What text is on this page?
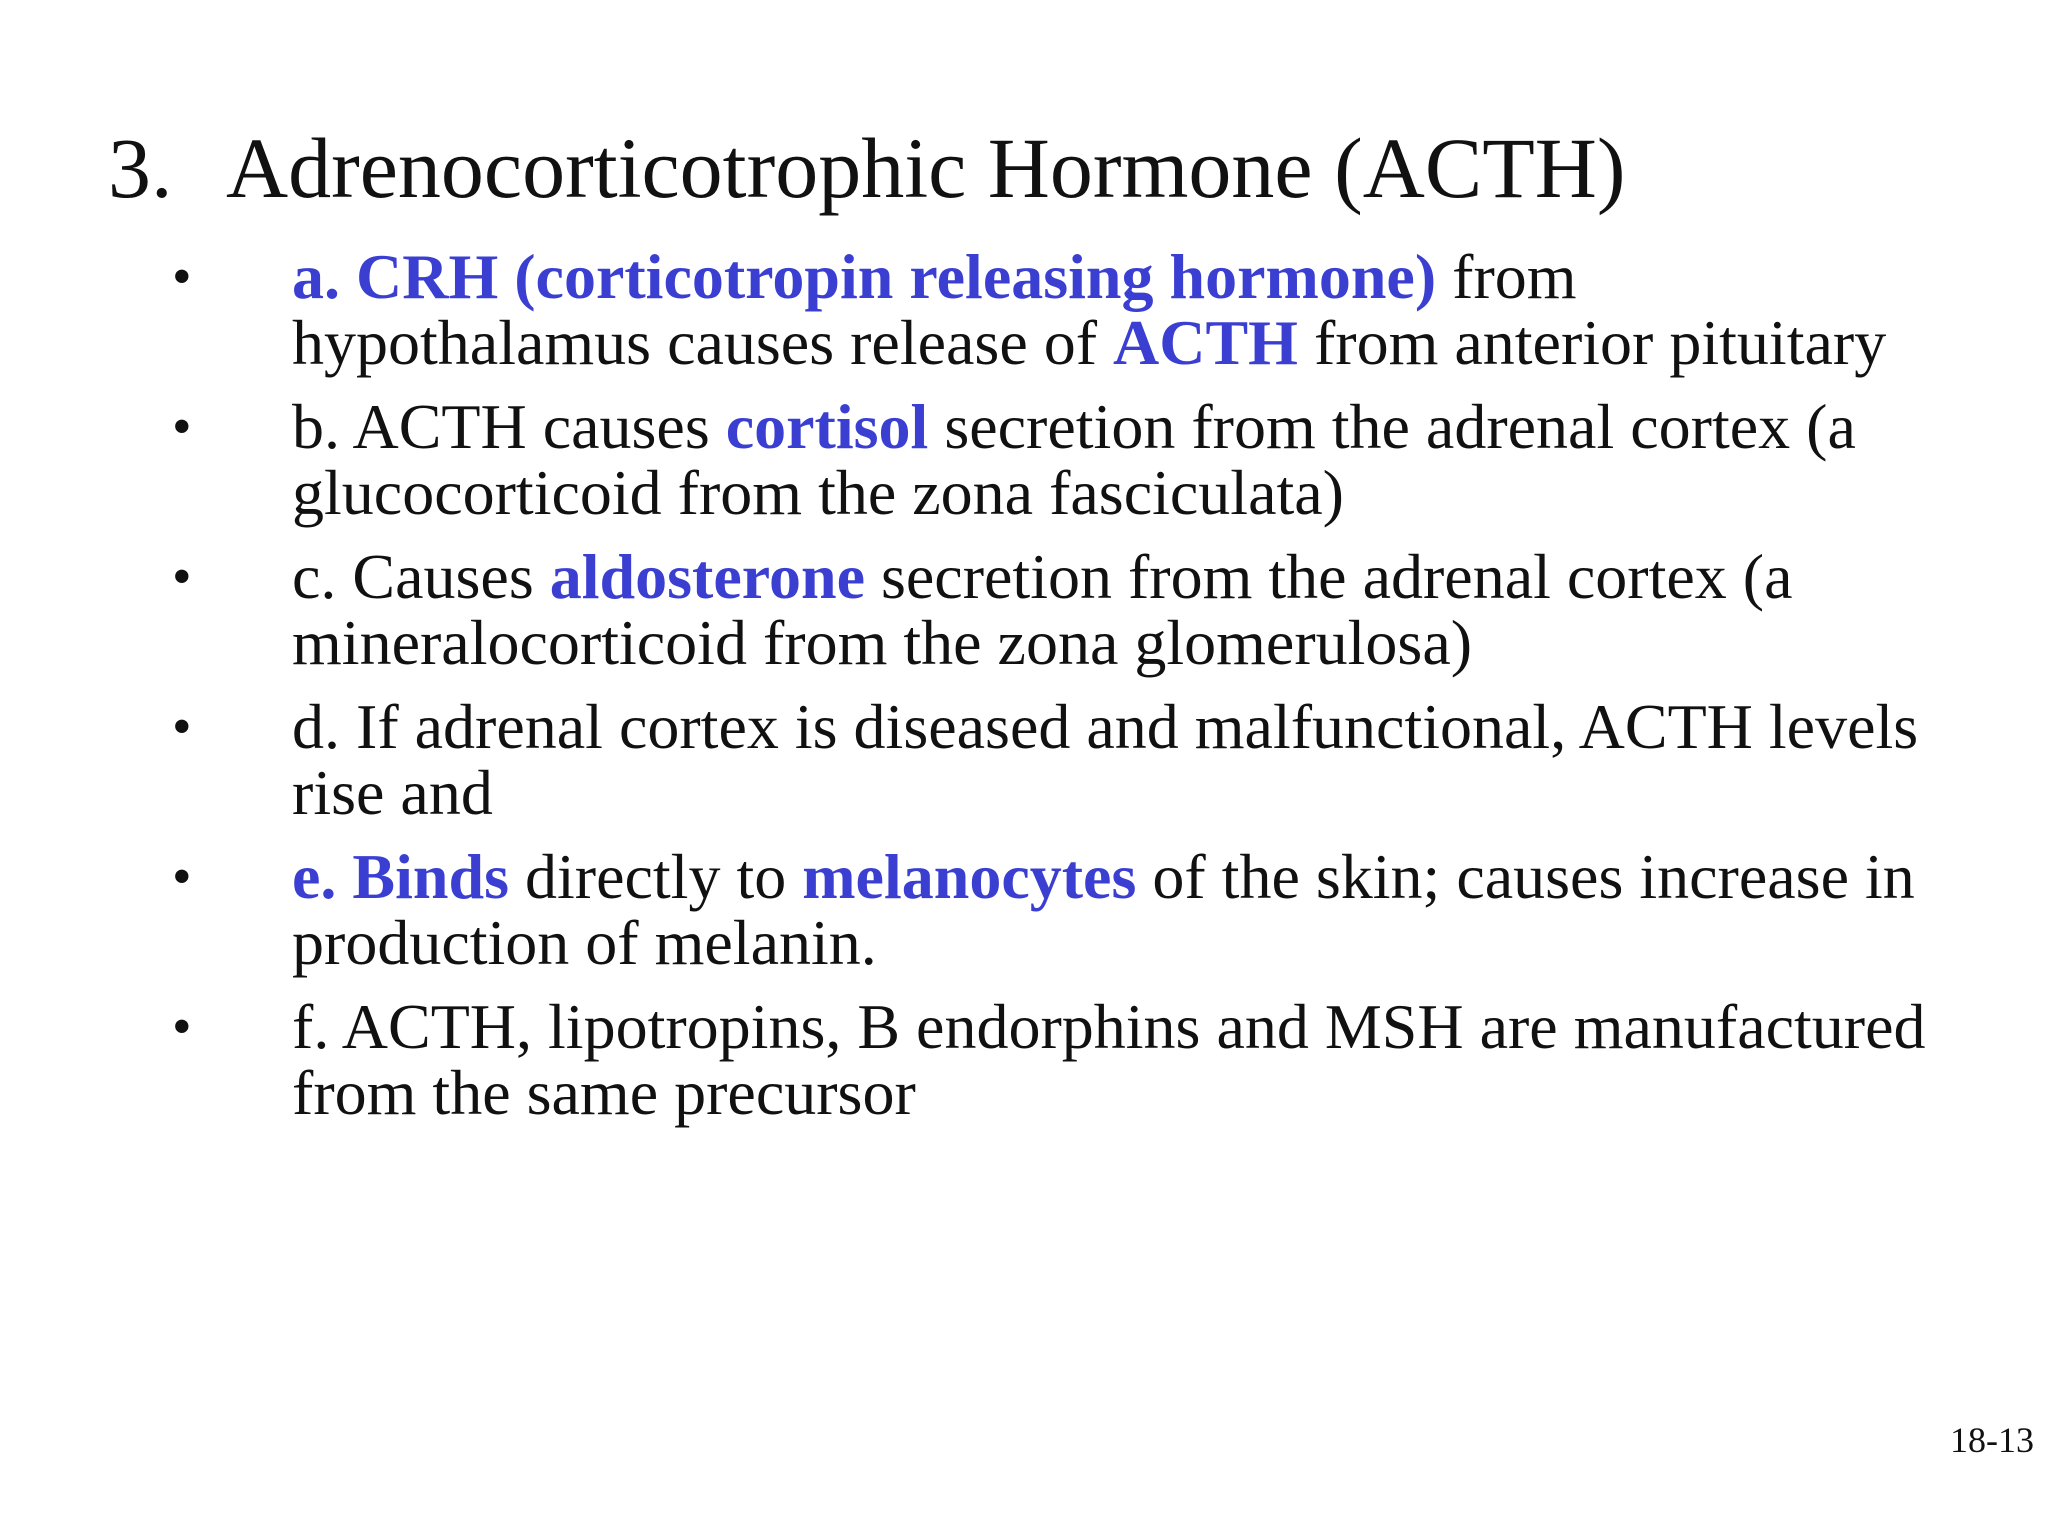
3. Adrenocorticotrophic Hormone (ACTH)
• a. CRH (corticotropin releasing hormone) from hypothalamus causes release of ACTH from anterior pituitary
• b. ACTH causes cortisol secretion from the adrenal cortex (a glucocorticoid from the zona fasciculata)
• c. Causes aldosterone secretion from the adrenal cortex (a mineralocorticoid from the zona glomerulosa)
• d. If adrenal cortex is diseased and malfunctional, ACTH levels rise and
• e. Binds directly to melanocytes of the skin; causes increase in production of melanin.
• f. ACTH, lipotropins, B endorphins and MSH are manufactured from the same precursor
18-13
